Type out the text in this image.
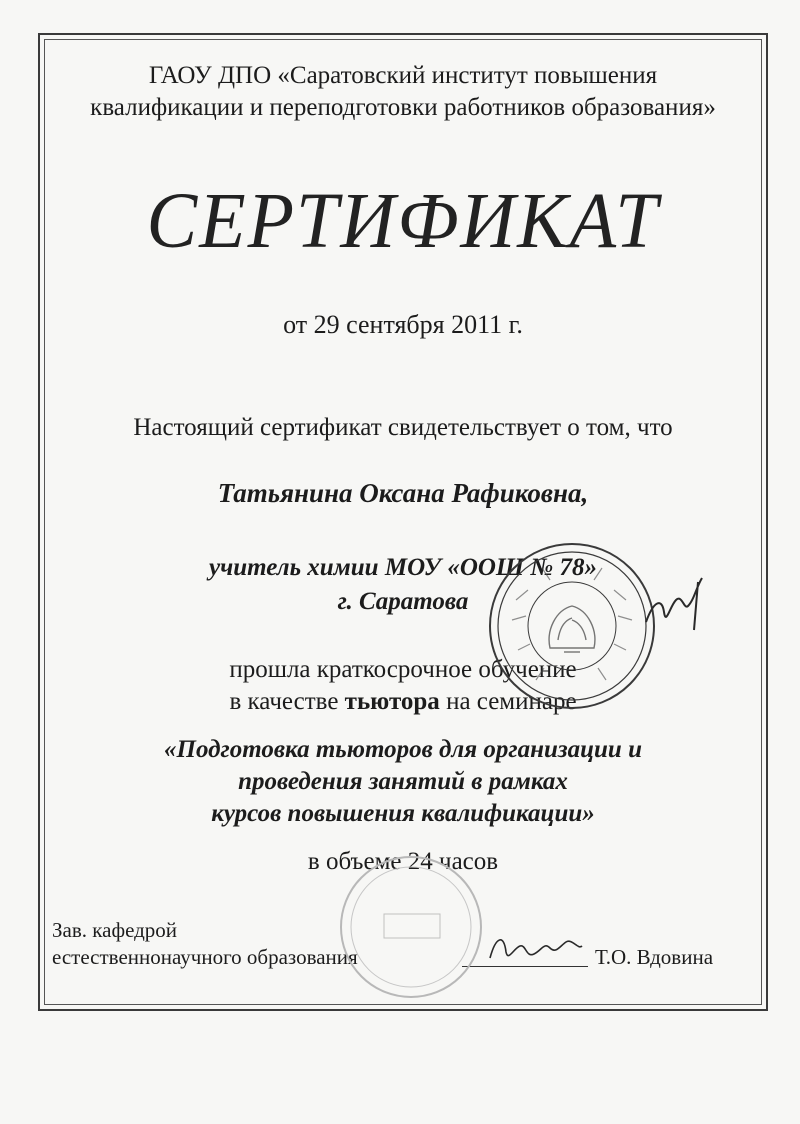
ГАОУ ДПО «Саратовский институт повышения
квалификации и переподготовки работников образования»
СЕРТИФИКАТ
от 29 сентября 2011 г.
Настоящий сертификат свидетельствует о том, что
Татьянина Оксана Рафиковна,
учитель химии МОУ «ООШ № 78»
г. Саратова
прошла краткосрочное обучение
в качестве тьютора на семинаре
«Подготовка тьюторов для организации и
проведения занятий в рамках
курсов повышения квалификации»
в объеме 24 часов
Зав. кафедрой
естественнонаучного образования	Т.О. Вдовина
